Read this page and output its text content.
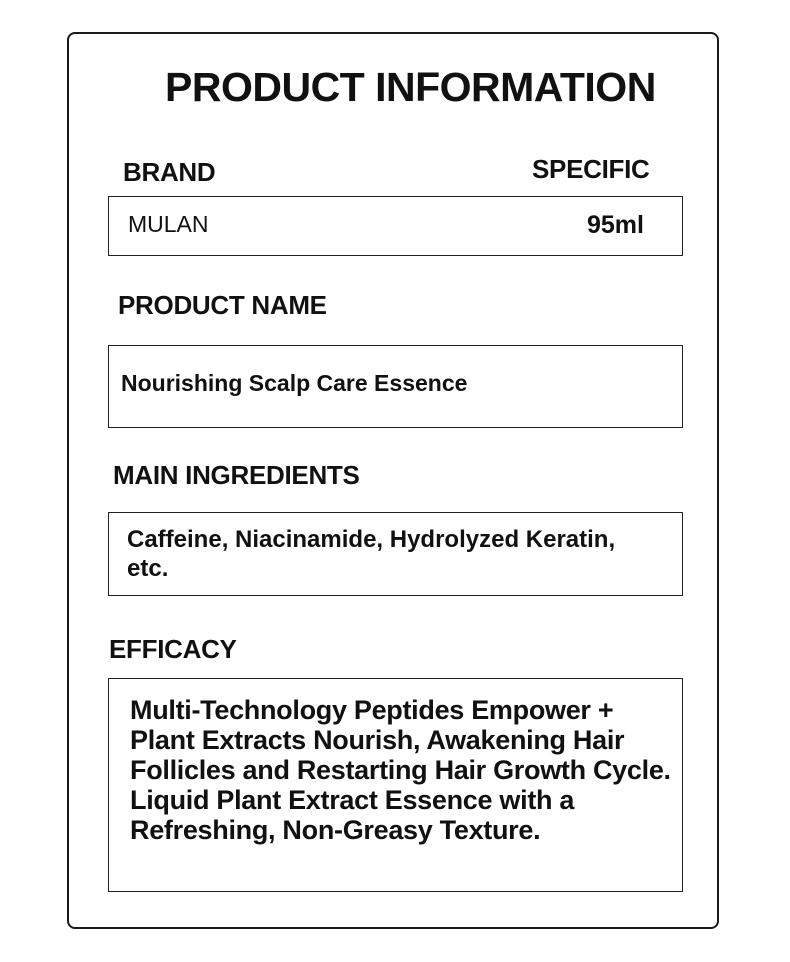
PRODUCT INFORMATION
BRAND	SPECIFIC
MULAN	95ml
PRODUCT NAME
Nourishing Scalp Care Essence
MAIN INGREDIENTS
Caffeine, Niacinamide, Hydrolyzed Keratin, etc.
EFFICACY
Multi-Technology Peptides Empower + Plant Extracts Nourish, Awakening Hair Follicles and Restarting Hair Growth Cycle. Liquid Plant Extract Essence with a Refreshing, Non-Greasy Texture.
